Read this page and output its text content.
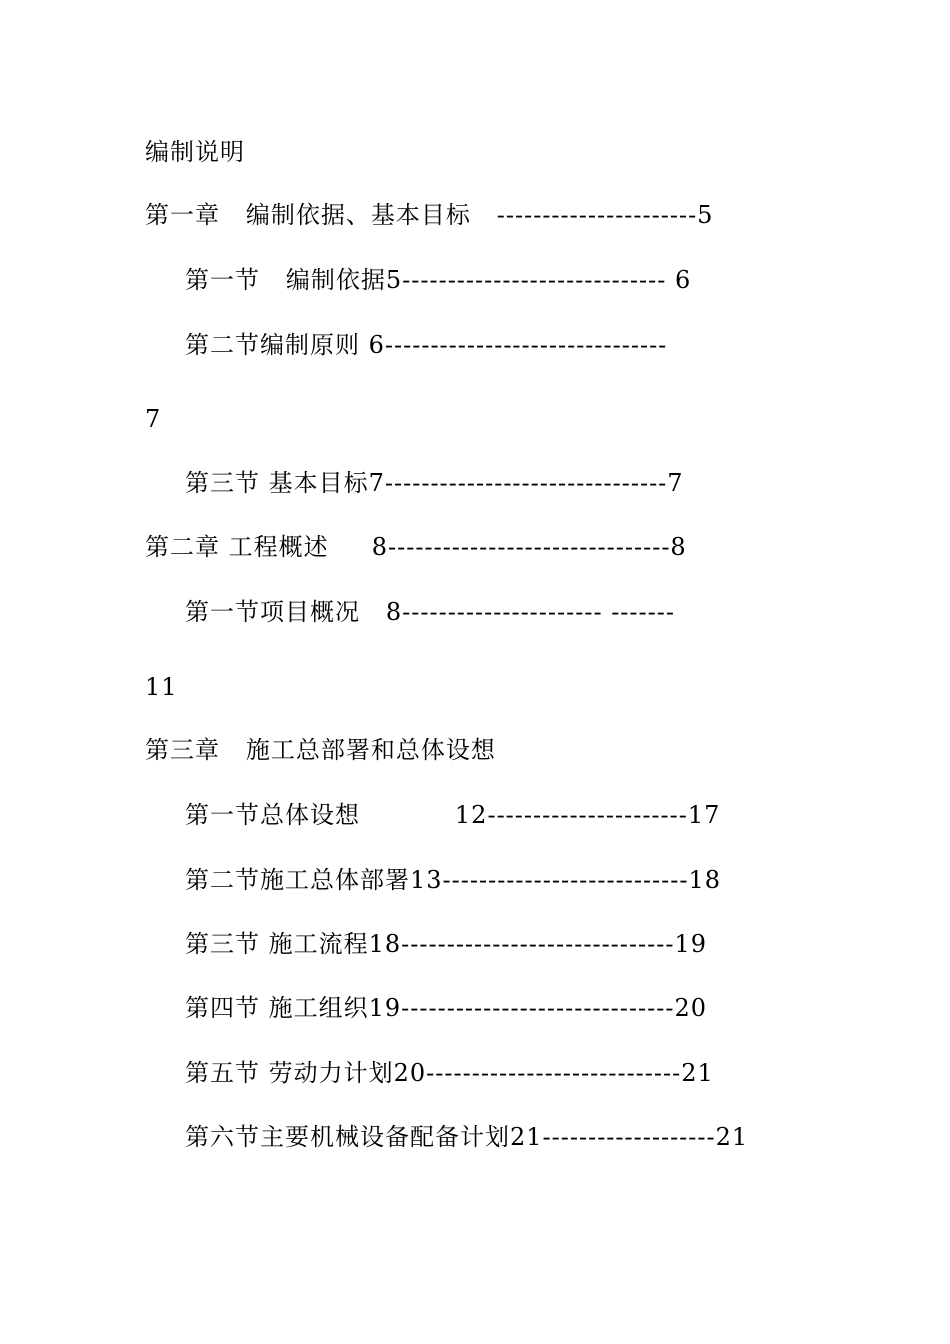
编制说明
第一章   编制依据、基本目标   ----------------------5
第一节   编制依据5----------------------------- 6
第二节编制原则 6-------------------------------
7
第三节 基本目标7-------------------------------7
第二章 工程概述     8-------------------------------8
第一节项目概况   8---------------------- -------
11
第三章   施工总部署和总体设想
第一节总体设想           12----------------------17
第二节施工总体部署13---------------------------18
第三节 施工流程18------------------------------19
第四节 施工组织19------------------------------20
第五节 劳动力计划20----------------------------21
第六节主要机械设备配备计划21-------------------21
